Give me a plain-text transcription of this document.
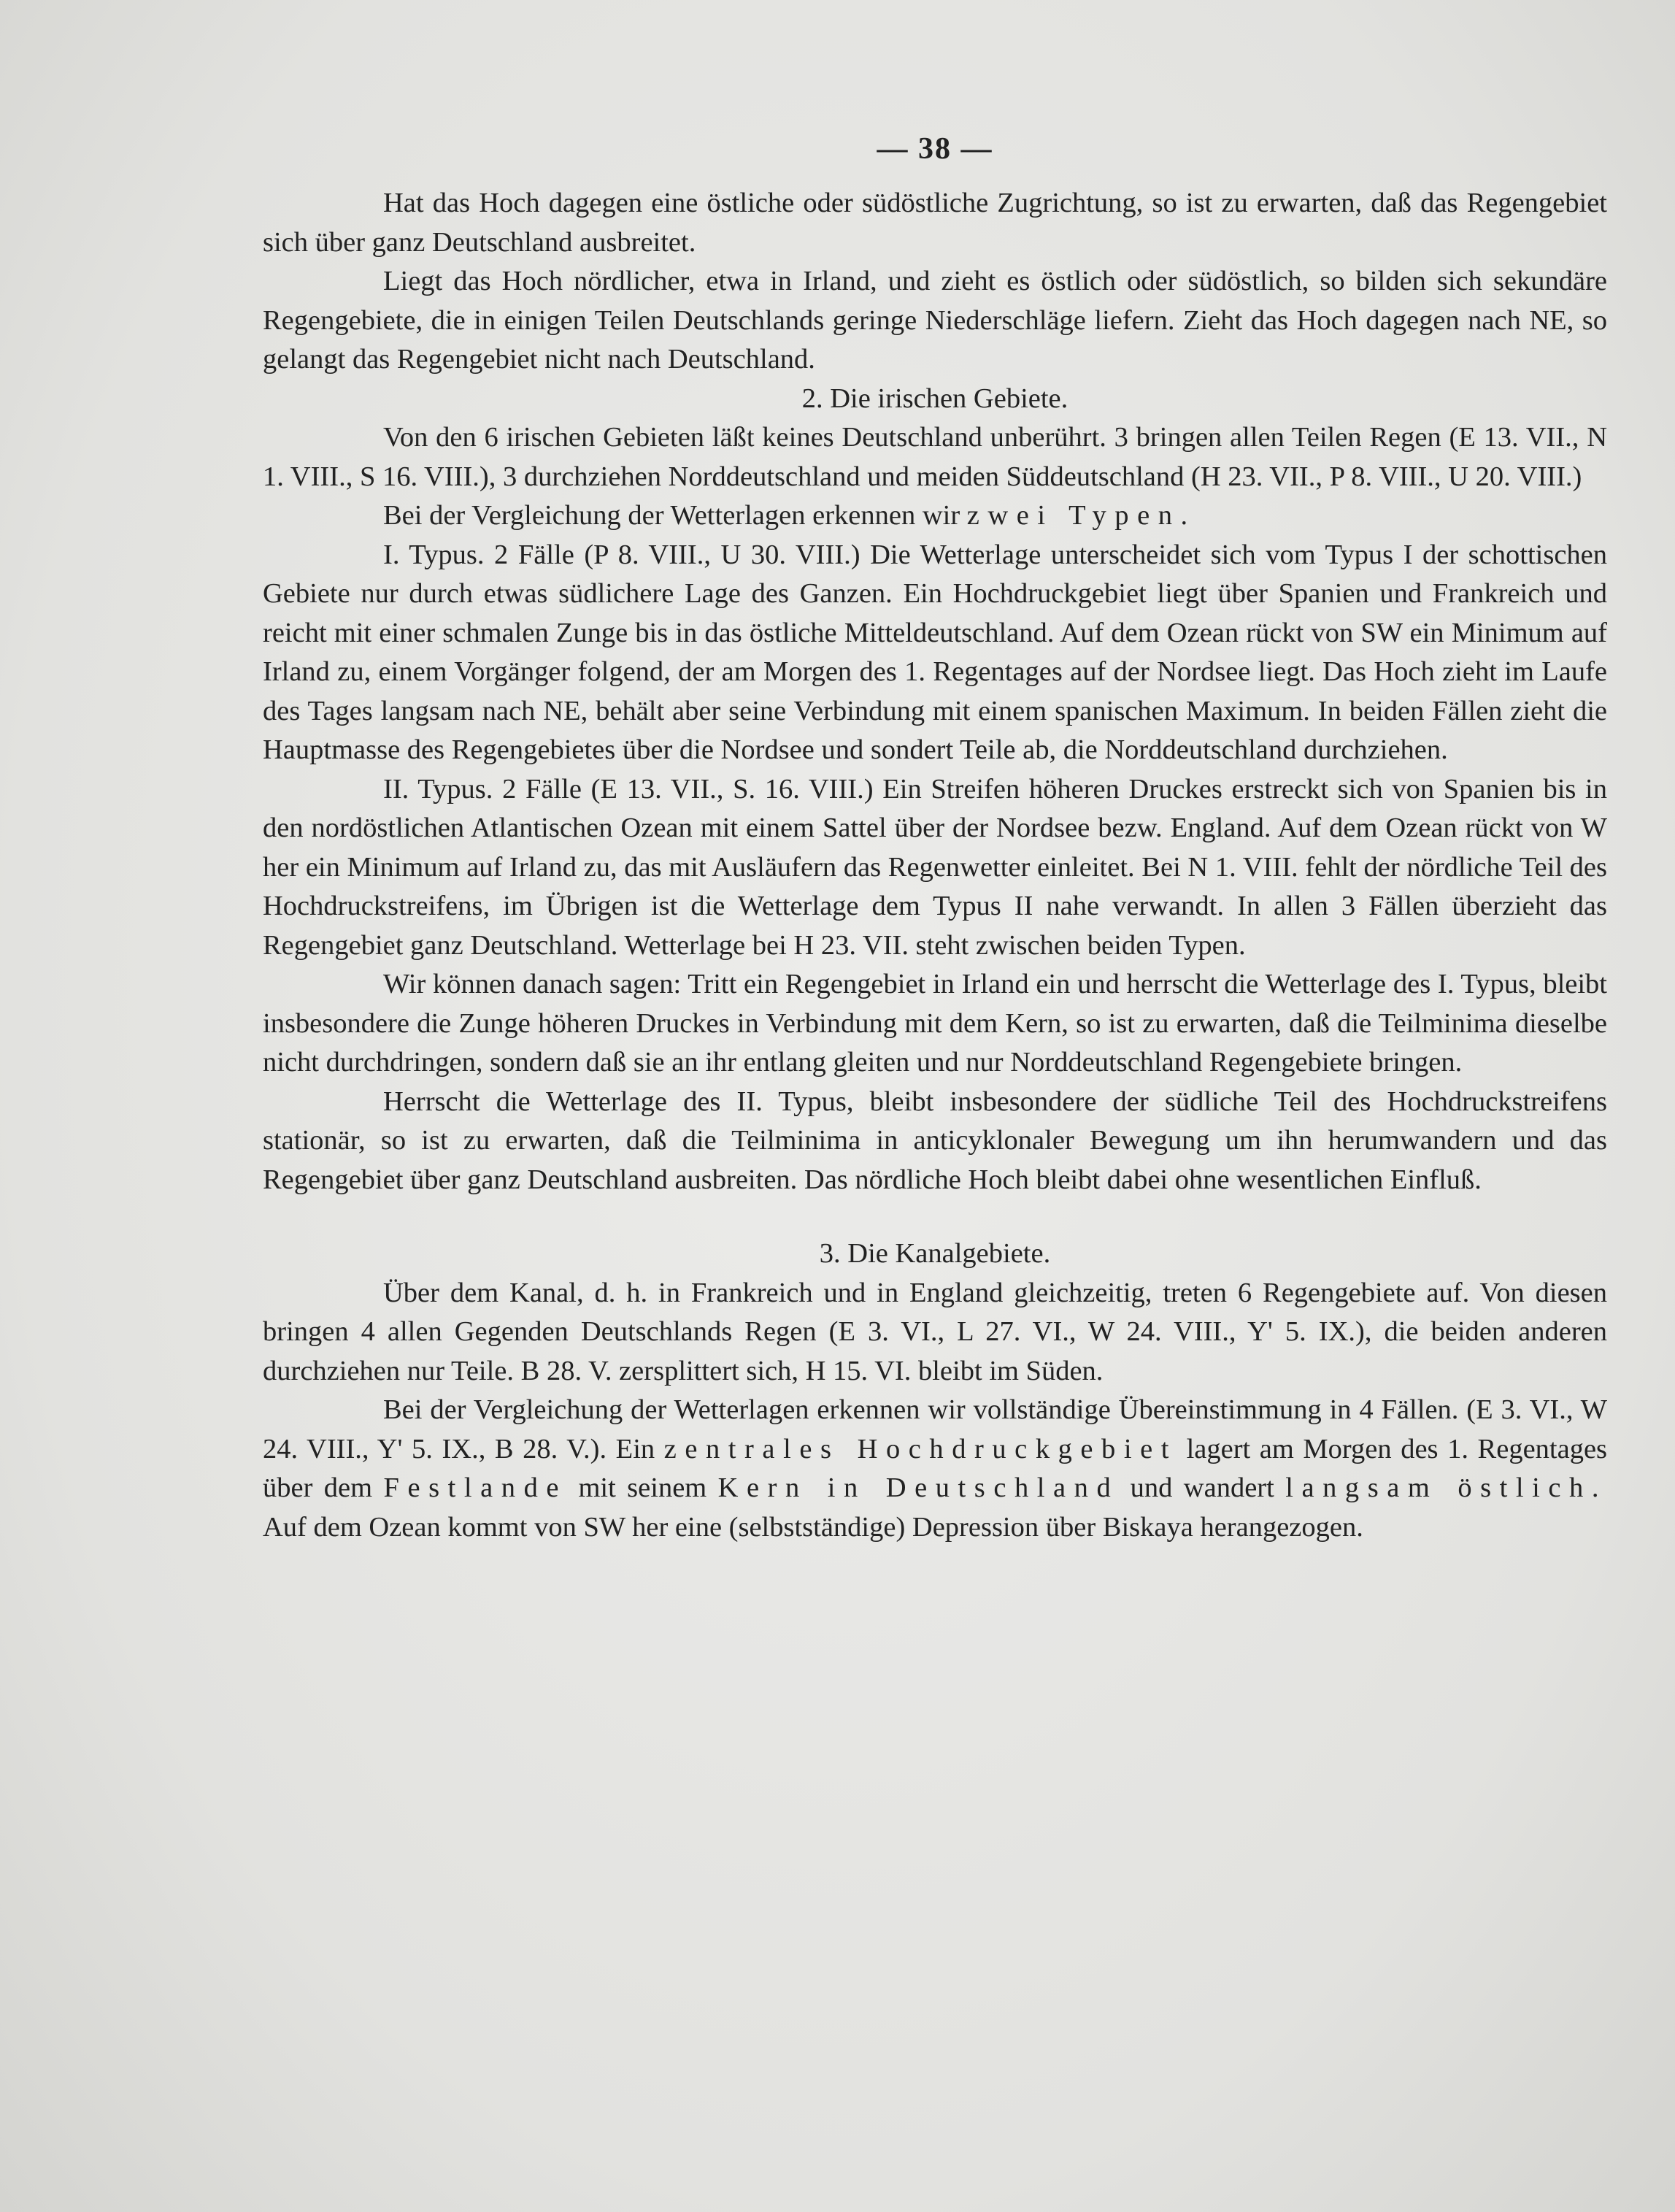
— 38 —

Hat das Hoch dagegen eine östliche oder südöstliche Zugrichtung, so ist zu erwarten, daß das Regengebiet sich über ganz Deutschland ausbreitet.

Liegt das Hoch nördlicher, etwa in Irland, und zieht es östlich oder südöstlich, so bilden sich sekundäre Regengebiete, die in einigen Teilen Deutschlands geringe Niederschläge liefern. Zieht das Hoch dagegen nach NE, so gelangt das Regengebiet nicht nach Deutschland.

2. Die irischen Gebiete.

Von den 6 irischen Gebieten läßt keines Deutschland unberührt. 3 bringen allen Teilen Regen (E 13. VII., N 1. VIII., S 16. VIII.), 3 durchziehen Norddeutschland und meiden Süddeutschland (H 23. VII., P 8. VIII., U 20. VIII.)

Bei der Vergleichung der Wetterlagen erkennen wir zwei Typen.

I. Typus. 2 Fälle (P 8. VIII., U 30. VIII.) Die Wetterlage unterscheidet sich vom Typus I der schottischen Gebiete nur durch etwas südlichere Lage des Ganzen. Ein Hochdruckgebiet liegt über Spanien und Frankreich und reicht mit einer schmalen Zunge bis in das östliche Mitteldeutschland. Auf dem Ozean rückt von SW ein Minimum auf Irland zu, einem Vorgänger folgend, der am Morgen des 1. Regentages auf der Nordsee liegt. Das Hoch zieht im Laufe des Tages langsam nach NE, behält aber seine Verbindung mit einem spanischen Maximum. In beiden Fällen zieht die Hauptmasse des Regengebietes über die Nordsee und sondert Teile ab, die Norddeutschland durchziehen.

II. Typus. 2 Fälle (E 13. VII., S. 16. VIII.) Ein Streifen höheren Druckes erstreckt sich von Spanien bis in den nordöstlichen Atlantischen Ozean mit einem Sattel über der Nordsee bezw. England. Auf dem Ozean rückt von W her ein Minimum auf Irland zu, das mit Ausläufern das Regenwetter einleitet. Bei N 1. VIII. fehlt der nördliche Teil des Hochdruckstreifens, im Übrigen ist die Wetterlage dem Typus II nahe verwandt. In allen 3 Fällen überzieht das Regengebiet ganz Deutschland. Wetterlage bei H 23. VII. steht zwischen beiden Typen.

Wir können danach sagen: Tritt ein Regengebiet in Irland ein und herrscht die Wetterlage des I. Typus, bleibt insbesondere die Zunge höheren Druckes in Verbindung mit dem Kern, so ist zu erwarten, daß die Teilminima dieselbe nicht durchdringen, sondern daß sie an ihr entlang gleiten und nur Norddeutschland Regengebiete bringen.

Herrscht die Wetterlage des II. Typus, bleibt insbesondere der südliche Teil des Hochdruckstreifens stationär, so ist zu erwarten, daß die Teilminima in anticyklonaler Bewegung um ihn herumwandern und das Regengebiet über ganz Deutschland ausbreiten. Das nördliche Hoch bleibt dabei ohne wesentlichen Einfluß.

3. Die Kanalgebiete.

Über dem Kanal, d. h. in Frankreich und in England gleichzeitig, treten 6 Regengebiete auf. Von diesen bringen 4 allen Gegenden Deutschlands Regen (E 3. VI., L 27. VI., W 24. VIII., Y' 5. IX.), die beiden anderen durchziehen nur Teile. B 28. V. zersplittert sich, H 15. VI. bleibt im Süden.

Bei der Vergleichung der Wetterlagen erkennen wir vollständige Übereinstimmung in 4 Fällen. (E 3. VI., W 24. VIII., Y' 5. IX., B 28. V.). Ein zentrales Hochdruckgebiet lagert am Morgen des 1. Regentages über dem Festlande mit seinem Kern in Deutschland und wandert langsam östlich. Auf dem Ozean kommt von SW her eine (selbstständige) Depression über Biskaya herangezogen.
